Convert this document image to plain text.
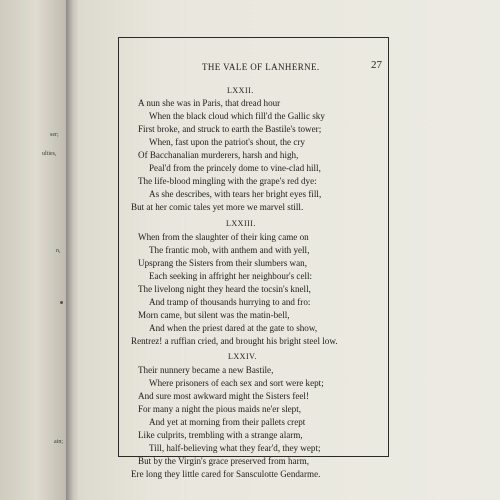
ser;
ulties,
n,
ain;
THE VALE OF LANHERNE.	27
LXXII.
A nun she was in Paris, that dread hour
When the black cloud which fill'd the Gallic sky
First broke, and struck to earth the Bastile's tower;
When, fast upon the patriot's shout, the cry
Of Bacchanalian murderers, harsh and high,
Peal'd from the princely dome to vine-clad hill,
The life-blood mingling with the grape's red dye:
As she describes, with tears her bright eyes fill,
But at her comic tales yet more we marvel still.
LXXIII.
When from the slaughter of their king came on
The frantic mob, with anthem and with yell,
Upsprang the Sisters from their slumbers wan,
Each seeking in affright her neighbour's cell:
The livelong night they heard the tocsin's knell,
And tramp of thousands hurrying to and fro:
Morn came, but silent was the matin-bell,
And when the priest dared at the gate to show,
Rentrez! a ruffian cried, and brought his bright steel low.
LXXIV.
Their nunnery became a new Bastile,
Where prisoners of each sex and sort were kept;
And sure most awkward might the Sisters feel!
For many a night the pious maids ne'er slept,
And yet at morning from their pallets crept
Like culprits, trembling with a strange alarm,
Till, half-believing what they fear'd, they wept;
But by the Virgin's grace preserved from harm,
Ere long they little cared for Sansculotte Gendarme.
